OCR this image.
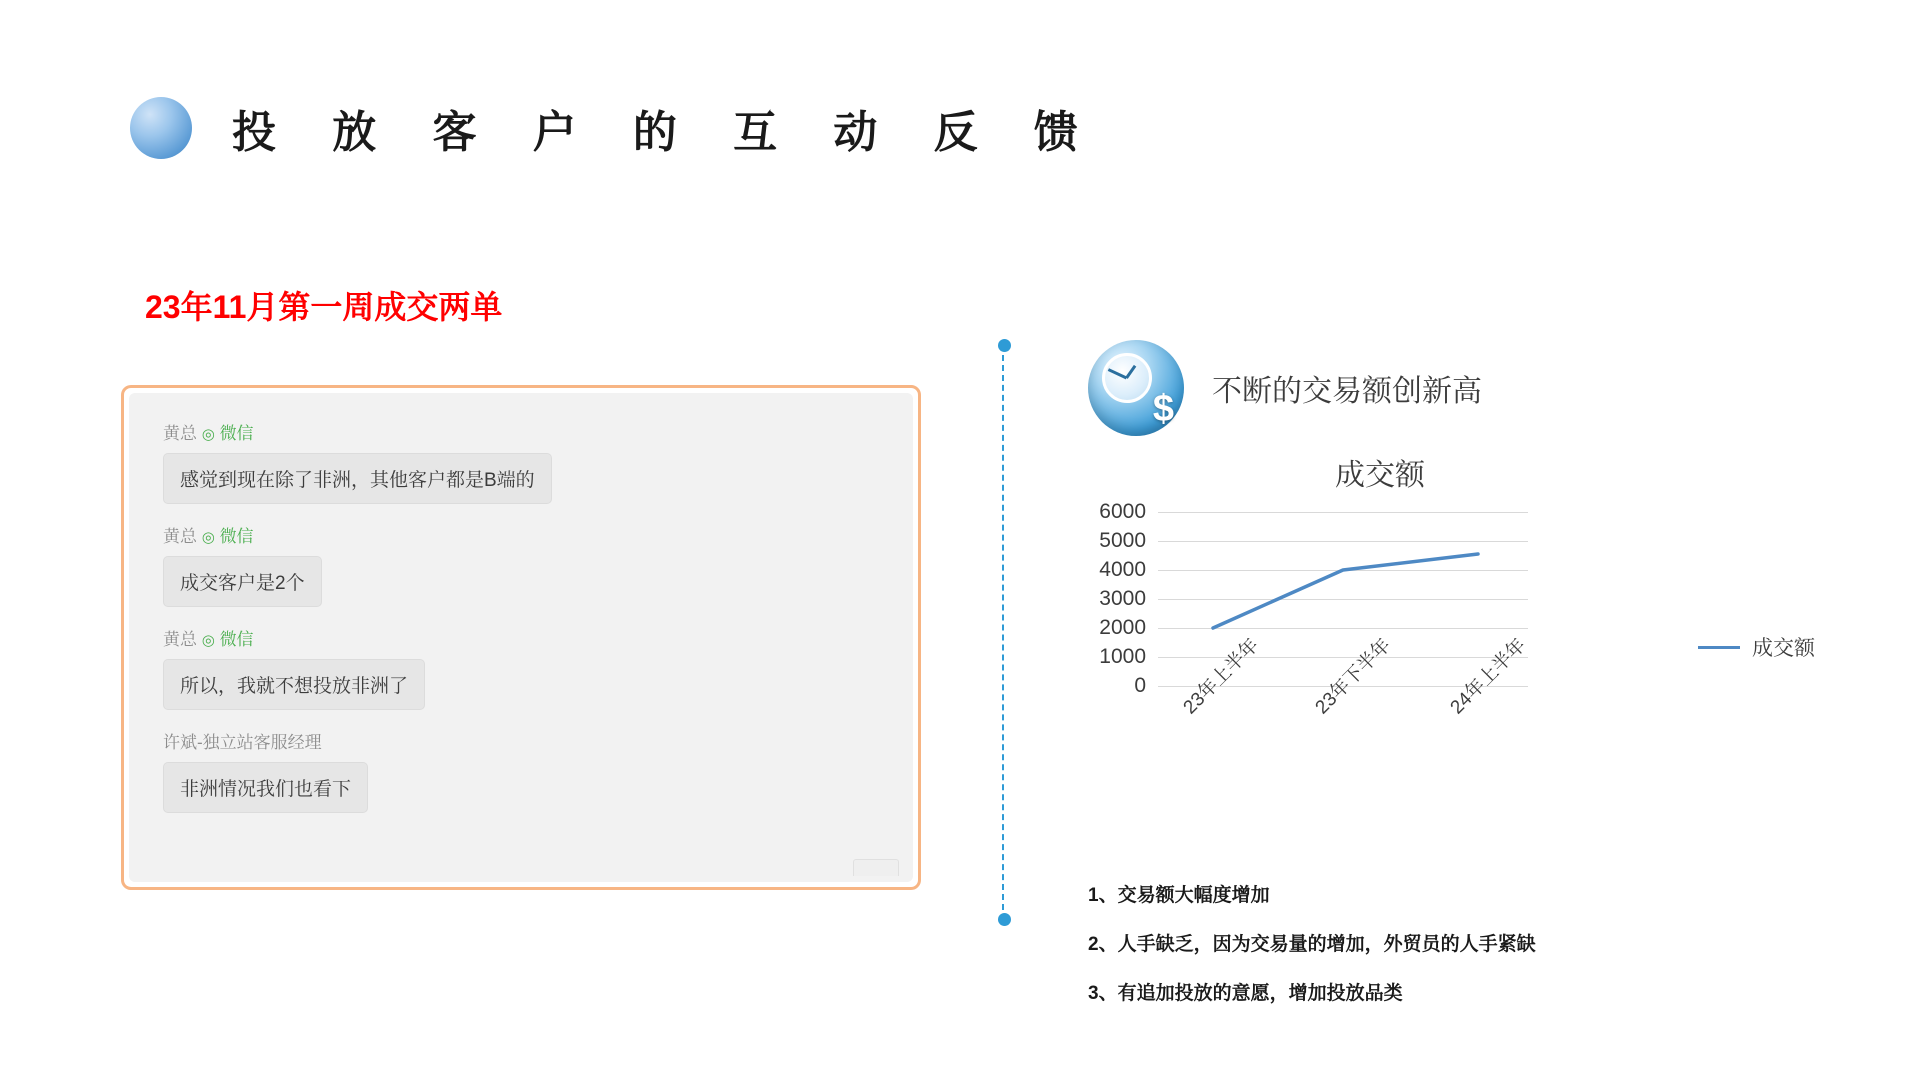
投 放 客 户 的 互 动 反 馈
23年11月第一周成交两单
黄总 ◎ 微信
感觉到现在除了非洲，其他客户都是B端的
黄总 ◎ 微信
成交客户是2个
黄总 ◎ 微信
所以，我就不想投放非洲了
许斌-独立站客服经理
非洲情况我们也看下
$ 不断的交易额创新高
成交额
6000
5000
4000
3000
2000
1000
0 23年上半年	23年下半年	24年上半年	成交额
1、交易额大幅度增加
2、人手缺乏，因为交易量的增加，外贸员的人手紧缺
3、有追加投放的意愿，增加投放品类
